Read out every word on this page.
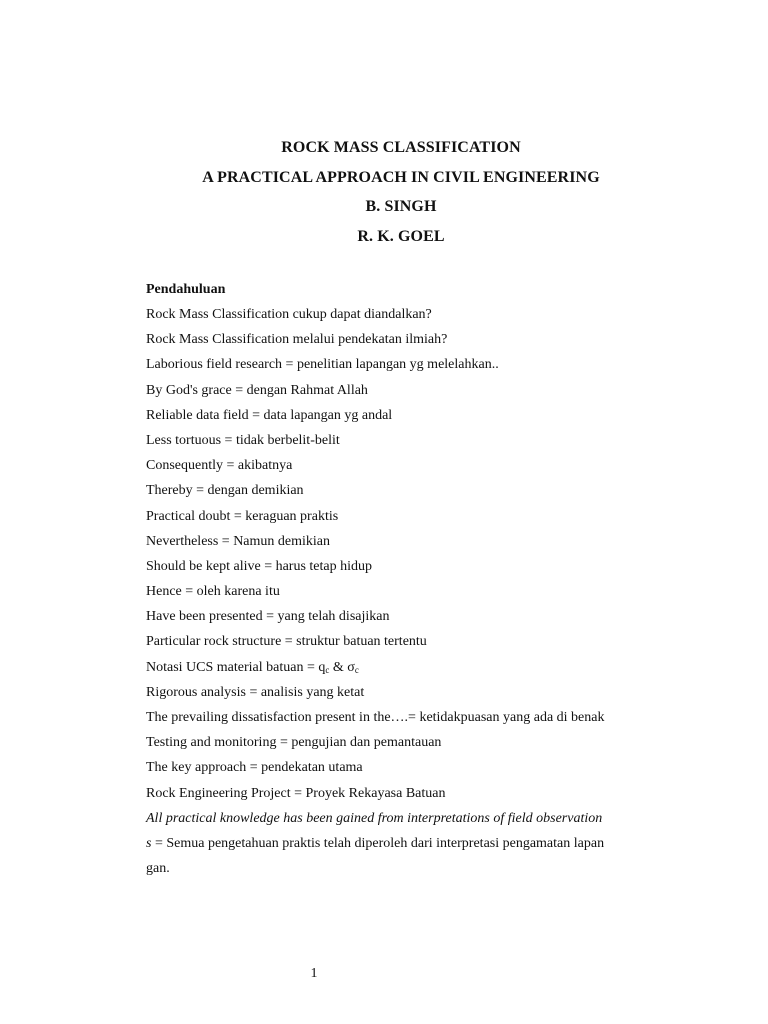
ROCK MASS CLASSIFICATION
A PRACTICAL APPROACH IN CIVIL ENGINEERING
B. SINGH
R. K. GOEL
Pendahuluan
Rock Mass Classification cukup dapat diandalkan?
Rock Mass Classification melalui pendekatan ilmiah?
Laborious field research = penelitian lapangan yg melelahkan..
By God's grace = dengan Rahmat Allah
Reliable data field = data lapangan yg andal
Less tortuous = tidak berbelit-belit
Consequently = akibatnya
Thereby = dengan demikian
Practical doubt = keraguan praktis
Nevertheless = Namun demikian
Should be kept alive = harus tetap hidup
Hence = oleh karena itu
Have been presented = yang telah disajikan
Particular rock structure = struktur batuan tertentu
Notasi UCS material batuan = $q_c$ & $\sigma_c$
Rigorous analysis = analisis yang ketat
The prevailing dissatisfaction present in the….= ketidakpuasan yang ada di benak
Testing and monitoring = pengujian dan pemantauan
The key approach = pendekatan utama
Rock Engineering Project = Proyek Rekayasa Batuan
All practical knowledge has been gained from interpretations of field observation
s = Semua pengetahuan praktis telah diperoleh dari interpretasi pengamatan lapan
gan.
1
